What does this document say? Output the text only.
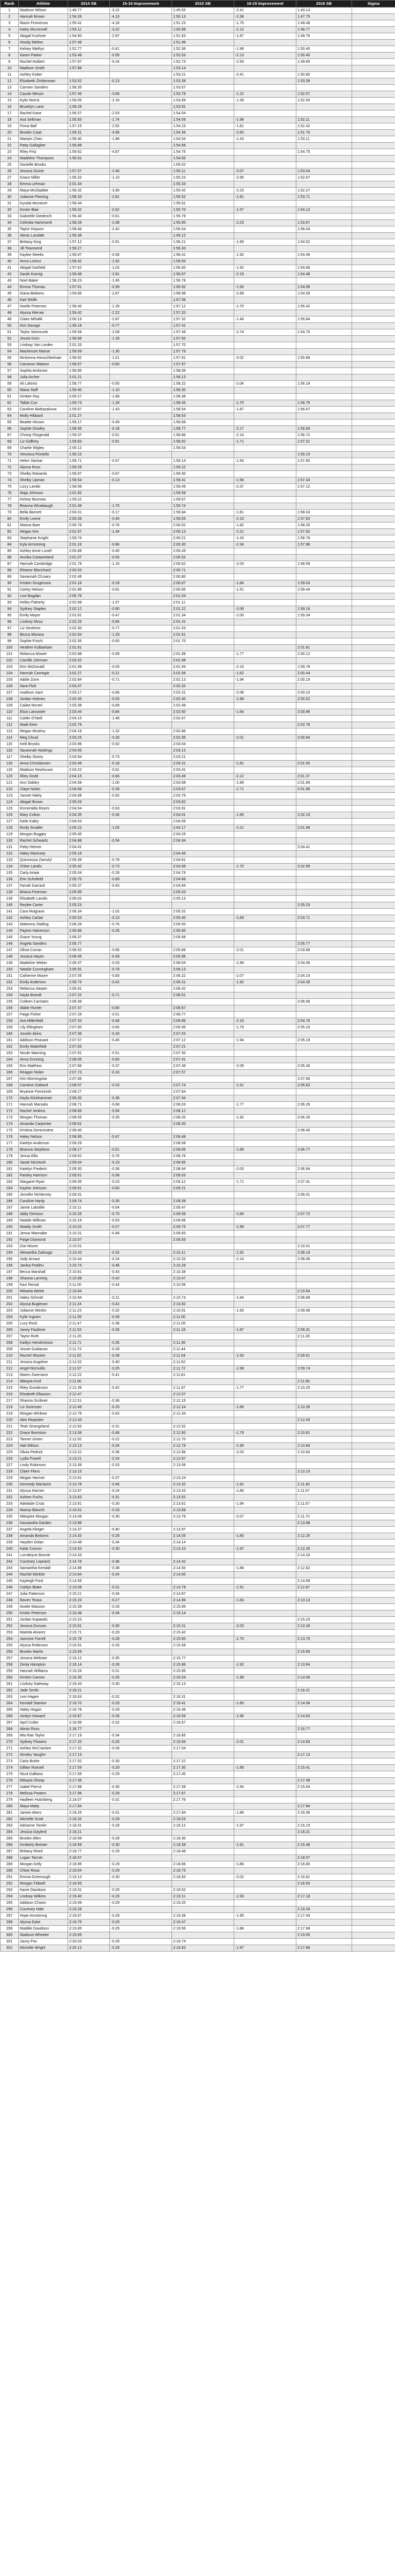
Rank	Athlete	2014 SB	15-16 Improvement	2015 SB	16-15 Improvement	2016 SB	Sigma
1	Madison Wilson	1:48.77	-3.22	1:45.55	-2.41	1:43.14	
2	Hannah Brown	1:54.26	-4.13	1:50.13	-2.38	1:47.75	
3	Mavis Fromerum	1:55.41	-4.18	1:51.23	-1.75	1:49.48	
4	Kaley Mcconnell	1:54.11	-3.22	1:50.89	-2.12	1:48.77	
5	Abigail Kushner	1:54.60	-2.97	1:51.63	-1.87	1:49.76	
6	Hoody Melton	1:57.48		1:51.98			
7	Kelsey Mathys	1:52.77	-0.41	1:52.36	-1.96	1:50.40	
8	Karen Parker	1:53.48	-0.95	1:52.53	-2.13	1:50.40	
9	Rachel Hulbert	1:57.97	-5.24	1:52.73	-2.93	1:49.80	
10	Madison Smith	1:57.86		1:53.14			
11	Ashley Kober			1:53.21	-2.41	1:50.80	
12	Elizabeth Zimberman	1:53.52	-0.13	1:53.39		1:53.39	
13	Carmen Sanders	1:58.35		1:53.67			
14	Cassie Meson	1:57.45	-3.66	1:53.79	-1.22	1:52.57	
15	Kylie Morris	1:56.05	-2.16	1:53.89	-1.39	1:52.50	
16	Brooklyn Lane	1:58.29		1:53.91			
17	Rachel Kane	1:56.57	-2.53	1:54.04			
18	Ava Seltman	1:55.83	-1.74	1:54.09	-1.98	1:52.11	
19	Fiona Ball	1:57.15	-2.92	1:54.23	-1.81	1:52.42	
20	Brooke Cope	1:59.31	-4.95	1:54.36	-2.60	1:51.76	
21	Mariam Chen	1:56.40	-1.86	1:54.54	-1.43	1:53.11	
22	Patty Gallagher	1:56.88		1:54.66			
23	Riley Fritz	1:59.62	-4.87	1:54.75		1:54.75	
24	Madeline Thompson	1:56.91		1:54.83			
25	Danielle Brooks			1:55.02			
26	Jessica Gorrie	1:57.57	-2.46	1:55.11	-2.07	1:53.04	
27	Grace Miller	1:56.33	-1.10	1:55.23	-2.56	1:52.67	
28	Emma Lehman	2:01.44		1:55.33			
29	Maya McGladder	1:59.32	-3.90	1:55.42	-3.15	1:52.27	
30	Julianne Fleming	1:58.33	-2.81	1:55.52	-1.81	1:53.71	
31	Kyndal Mcintosh	1:56.44		1:55.61			
32	Kirstin Blair	1:56.32	-0.62	1:55.70	-1.57	1:54.13	
33	Gabrielle Diederich	1:56.40	-0.61	1:55.79			
34	Celestia Hammond	1:58.28	-2.38	1:55.90	-2.23	1:53.67	
35	Taylor Hopson	1:58.46	-2.42	1:56.04		1:56.04	
36	Alexis Landale	1:59.38		1:56.12			
37	Brittany King	1:57.12	-0.91	1:56.21	-1.69	1:54.52	
38	Jill Townsend	1:59.27		1:56.33			
39	Kaylee Weeks	1:56.97	-0.56	1:56.41	-1.92	1:54.49	
40	Anna Lorenz	1:58.42	-1.92	1:56.50			
41	Abigail Garfield	1:57.62	-1.02	1:56.60	-1.92	1:54.68	
42	Sarah Koenig	1:59.48	-2.81	1:56.67	-2.19	1:54.48	
43	Noel Baker	1:58.23	-1.45	1:56.78			
44	Emma Thomas	1:57.91	-0.99	1:56.92	-1.93	1:54.99	
45	Kiana Bekkers	1:59.85	-2.87	1:56.98	-2.89	1:54.09	
46	Karl Wolfe			1:57.06			
47	Noelle Peterson	1:58.40	-1.28	1:57.12	-1.70	1:55.42	
48	Alyssa Werner	1:59.42	-2.22	1:57.20			
49	Claire Mihalik	2:00.19	-2.87	1:57.32	-1.48	1:55.84	
50	Kim Savage	1:58.18	-0.77	1:57.41			
51	Taylor Siemiczek	1:59.58	-2.09	1:57.49	-2.74	1:54.75	
52	Jessie Korn	1:58.88	-1.28	1:57.60			
53	Lindsay Van Lorden	2:01.33		1:57.70			
54	Mackenzie Manse	1:59.09	-1.30	1:57.79			
55	McKenna Heuschkelman	1:58.92	-1.01	1:57.91	-2.02	1:55.89	
56	Cameron Watson	1:58.57	-0.60	1:57.97			
57	Sophia Ambrose	1:58.95		1:58.06			
58	Julia Archer	2:01.21		1:58.13			
59	Ali Lafontz	1:58.77	-0.55	1:58.22	-2.04	1:56.18	
60	Maria Staff	1:59.40	-1.10	1:58.30			
61	Kimber Ray	2:00.27	-1.89	1:58.38			
62	Tallah Cox	1:59.73	-1.28	1:58.45	-1.70	1:56.75	
63	Caroline Abdrazakova	1:59.97	-1.43	1:58.54	-1.87	1:56.67	
64	Molly Hibbard	2:01.27		1:58.63			
65	Beattie Hinson	1:59.17	-0.49	1:58.68			
66	Sophie Dowley	1:58.95	-0.18	1:58.77	-2.17	1:56.60	
67	Christy Fitzgerald	1:59.37	-0.51	1:58.86	-2.14	1:56.72	
68	Liz Gaffney	1:59.83	-0.91	1:58.92	-1.71	1:57.21	
69	Charlie Wigley	2:00.12		1:59.03			
70	Veronica Pontello	1:59.15				1:59.15	
71	Helen Sankar	1:59.71	-0.57	1:59.14	-1.54	1:57.60	
72	Alyssa Ross	1:59.29		1:59.22			
73	Shelby Edwards	1:59.97	-0.67	1:59.30			
74	Shelby Lipman	1:59.54	-0.13	1:59.41	-1.98	1:57.43	
75	Lizzy Landis	1:58.99		1:59.49	-2.37	1:57.12	
76	Maja Johnson	2:01.82		1:59.58			
77	Kelsey Burrows	1:59.22		1:59.67			
78	Brianna Winebaugh	2:01.49	-1.75	1:59.74			
79	Bella Barnett	2:00.01	-0.17	1:59.84	-1.81	1:58.03	
80	Emily Leone	2:00.39	-0.46	1:59.93	-2.10	1:57.83	
81	Marina Baer	2:00.78	-0.76	2:00.02	-1.82	1:58.20	
82	Megan Kim	2:01.57	-1.44	2:00.13	-2.21	1:57.92	
83	Stephanie Knight	1:59.74		2:00.21	-1.43	1:58.78	
84	Kyla Armstrong	2:01.16	-0.86	2:00.30	-2.34	1:57.96	
85	Ashley Anne Lovell	2:00.88	-0.45	2:00.43			
86	Annika Castaneland	2:01.07	-0.55	2:00.52			
87	Hannah Cambridge	2:01.78	-1.16	2:00.62	-2.03	1:58.59	
88	Eleanor Blanchard	2:00.03		2:00.71			
89	Savannah O'Leary	2:02.46		2:00.80			
90	Kristen Grogenson	2:01.16	-0.29	2:00.87	-1.84	1:59.03	
91	Carley Nelson	2:01.86	-0.91	2:00.95	-1.51	1:59.44	
92	Lexi Bogdan	2:00.76		2:01.04			
93	Kelley Flaherty	2:02.68	-1.57	2:01.11			
94	Sydney Staples	2:02.12	-0.90	2:01.22	-2.06	1:59.16	
95	Emily Mayer	2:01.81	-0.47	2:01.34	-2.00	1:59.34	
96	Lindsey Moss	2:02.25	-0.84	2:01.41			
97	Liz Severino	2:02.30	-0.77	2:01.53			
98	Becca Moraza	2:02.94	-1.33	2:01.61			
99	Sophie Frisch	2:02.35	-0.65	2:01.70			
100	Heather Kulbarkani	2:01.81				2:01.81	
101	Rebecca Mower	2:02.88	-0.99	2:01.89	-1.77	2:00.12	
102	Camille Johnson	2:03.32		2:01.98			
103	Erin McDonald	2:01.99	-0.05	2:01.94	-2.16	1:59.78	
104	Hannah Carnegie	2:02.27	-0.21	2:02.06	-1.62	2:00.44	
105	Addie Zone	2:02.84	-0.71	2:02.13	-1.94	2:00.19	
106	Sara Flott	2:03.47		2:02.20			
107	madison siam	2:03.17	-0.86	2:02.31	-2.08	2:00.23	
108	Jordan Holmes	2:02.45	-0.05	2:02.40	-1.88	2:00.52	
109	Cailee Mcneil	2:03.38	-0.89	2:02.49			
110	Eliza Lancaster	2:03.44	-0.84	2:02.60	-1.64	2:00.96	
111	Caitlin O'Neill	2:04.15	-1.48	2:02.67			
112	Madi Klein	2:02.76				2:02.76	
113	Megan Mcalroy	2:04.18	-1.32	2:02.86			
114	Meg Cloud	2:03.25	-0.30	2:02.95	-2.01	2:00.94	
115	Kelli Brooks	2:03.96	-0.92	2:03.04			
116	Savannah Hastings	2:04.55		2:03.12			
117	Shelby Storey	2:03.94	-0.73	2:03.21			
118	Anna Christiansen	2:03.49	-0.18	2:03.31	-1.81	2:01.50	
119	Madison Newhouse	2:04.22	-0.81	2:03.41			
120	Riley Dodd	2:04.15	-0.66	2:03.49	-2.12	2:01.37	
121	Ann Oakley	2:04.58	-1.00	2:03.58	-1.89	2:01.69	
122	Claye Nolan	2:04.06	-0.39	2:03.67	-1.71	2:01.96	
123	Jannet Haley	2:04.68	-0.92	2:03.76			
124	Abigail Brown	2:05.03		2:03.82			
125	Esmeralda Reyes	2:04.54	-0.63	2:03.91			
126	Mary Colton	2:04.35	-0.34	2:04.01	-1.85	2:02.16	
127	Katie Kaley	2:04.53		2:04.09			
128	Emily Smallet	2:05.22	-1.05	2:04.17	-2.21	2:01.96	
129	Morgan Buggey	2:05.45		2:04.25			
130	Rachel Schwartz	2:04.88	-0.54	2:04.34			
131	Patty Heimer	2:04.41				2:04.41	
132	Haley Macksey	2:05.16		2:04.49			
133	Quinnessa Zamzlyl	2:05.39	-0.78	2:04.61			
134	Chloe Landis	2:05.42	-0.73	2:04.69	-1.70	2:02.99	
135	Carly Ariaia	2:05.04	-0.28	2:04.76			
136	Erin Schofield	2:05.75	-0.89	2:04.86			
137	Farrah Garrard	2:05.37	-0.43	2:04.94			
138	Briana Freeman	2:05.95		2:05.03			
139	Elizabeth Landis	2:06.02		2:05.13			
140	Reylee Carter	2:05.23				2:05.23	
141	Cara Mulgrave	2:06.34	-1.02	2:05.32			
142	Ashley Carlan	2:05.53	-0.13	2:05.40	-1.69	2:03.71	
143	Makenna Stalling	2:06.26	-0.76	2:05.50			
144	Payton Halverson	2:05.86	-0.26	2:05.60			
145	Grace Young	2:06.37		2:05.68			
146	Angela Sanders	2:05.77				2:05.77	
147	Olivia Curran	2:06.52	-0.66	2:05.86	-2.01	2:03.85	
148	Jessica Hayes	2:06.45	-0.49	2:05.96			
149	Madeline Weber	2:06.37	-0.33	2:06.04	-1.98	2:04.06	
150	Natalie Cunningham	2:06.91	-0.78	2:06.13			
151	Catherine Moore	2:07.05	-0.83	2:06.22	-2.07	2:04.15	
152	Emily Anderson	2:06.73	-0.42	2:06.31	-1.92	2:04.39	
153	Rebecca Harper	2:06.91		2:06.42			
154	Kayla Brandt	2:07.22	-0.71	2:06.51			
155	Colleen Carstairs	2:06.58				2:06.58	
156	Abbie Hunter	2:07.47	-0.80	2:06.67			
157	Paige Fisher	2:07.28	-0.51	2:06.77			
158	Ava Millerfield	2:07.34	-0.48	2:06.86	-2.10	2:04.76	
159	Lily Ellingham	2:07.60	-0.65	2:06.95	-1.79	2:05.16	
160	Jocelin Akins	2:07.36	-0.33	2:07.03			
161	Addison Peasant	2:07.57	-0.45	2:07.12	-1.94	2:05.18	
162	Emily Wakefield	2:07.93		2:07.21			
163	Nicole Manning	2:07.81	-0.51	2:07.30			
164	Anna Dunning	2:08.06	-0.65	2:07.41			
165	Erin Matthew	2:07.86	-0.37	2:07.49	-2.09	2:05.40	
166	Reagan Nolan	2:07.73	-0.16	2:07.57			
167	Kim Morningstar	2:07.66				2:07.66	
168	Caroline Dolbard	2:08.07	-0.33	2:07.74	-1.91	2:05.83	
169	Bryanne Femrinish	2:08.27		2:07.84			
170	Kayla Klinkhammer	2:08.30	-0.36	2:07.94			
171	Hannah Marsalis	2:08.71	-0.68	2:08.03	-1.77	2:06.26	
172	Rachel Jenkins	2:08.66	-0.54	2:08.12			
173	Morgan Thomas	2:08.55	-0.35	2:08.20	-1.92	2:06.28	
174	Amanda Carpenter	2:08.61		2:08.30			
175	Kristina Seneviratne	2:08.40				2:08.40	
176	Haley Nelson	2:08.95	-0.47	2:08.48			
177	Katelyn Anderson	2:09.29		2:08.58			
178	Brianna Stephens	2:09.17	-0.51	2:08.66	-1.89	2:06.77	
179	Jenna Ellis	2:09.52	-0.76	2:08.76			
180	Sarah Mcintosh	2:09.04	-0.19	2:08.85			
181	Katelyn Frederic	2:09.30	-0.36	2:08.94	-2.00	2:06.94	
182	Paisley Harrison	2:09.61	-0.58	2:09.03			
183	Margaret Ryan	2:09.35	-0.23	2:09.12	-1.71	2:07.41	
184	Kaylee Johnson	2:09.81	-0.60	2:09.21			
185	Jennifer McNerney	2:09.31				2:09.31	
186	Caroline Hardy	2:09.74	-0.35	2:09.39			
187	Jamie Lobstille	2:10.11	-0.64	2:09.47			
188	Abby Denison	2:10.26	-0.70	2:09.56	-1.84	2:07.72	
189	Natalie Willman	2:10.19	-0.53	2:09.66			
190	Maddy Smith	2:10.02	-0.27	2:09.75	-1.98	2:07.77	
191	Jenna Wannabe	2:10.31	-0.48	2:09.83			
192	Paige Diamond	2:10.07		2:09.93			
193	Zoe Moore	2:10.01				2:10.01	
194	Alexandra Zaitsuga	2:10.43	-0.32	2:10.11	-1.92	2:08.19	
195	Jody Arnaut	2:10.44	-0.24	2:10.20	-2.14	2:08.06	
196	Janika Prabhu	2:10.74	-0.46	2:10.28			
197	Becca Marshall	2:10.81	-0.43	2:10.38			
198	Shauna Lanning	2:10.89	-0.42	2:10.47			
199	Kaci Rectal	2:11.00	-0.44	2:10.56			
200	Mikaela Welsh	2:10.64				2:10.64	
201	Haley Schmitt	2:10.94	-0.21	2:10.73	-1.84	2:08.89	
202	Alyssa Bugleson	2:11.24	-0.42	2:10.82			
203	Julianne Wexler	2:11.23	-0.32	2:10.91	-1.83	2:09.08	
204	Kylie Ingram	2:11.39	-0.39	2:11.00			
205	Lucy Rock	2:11.47	-0.38	2:11.09			
206	Janey Faulkner	2:11.53	-0.35	2:11.18	-1.87	2:09.31	
207	Taylor Roth	2:11.26				2:11.26	
208	Kaitlyn Hendrickson	2:11.71	-0.35	2:11.36			
209	Jessie Guidaceo	2:11.73	-0.29	2:11.44			
210	Rachel Wooton	2:11.92	-0.38	2:11.54	-1.93	2:09.61	
211	Jessica Angeline	2:12.02	-0.40	2:11.62			
212	Angel Mcmullin	2:11.97	-0.25	2:11.72	-1.98	2:09.74	
213	Maren Zwemann	2:12.22	-0.41	2:11.81			
214	Mikayla Kroll	2:11.90				2:11.90	
215	Riley Gunderson	2:12.39	-0.42	2:11.97	-1.77	2:10.20	
216	Elizabeth Eliasson	2:12.47		2:12.07			
217	Shanna Scribner	2:12.51	-0.36	2:12.15			
218	Liz Sorensen	2:12.49	-0.25	2:12.24	-1.89	2:10.35	
219	Morgan Winbow	2:12.76	-0.42	2:12.34			
220	Alex Riopedre	2:12.43				2:12.43	
221	Teah Strangeland	2:12.83	-0.31	2:12.52			
222	Grace Borriston	2:13.08	-0.48	2:12.60	-1.79	2:10.81	
223	Tanner Green	2:12.92	-0.22	2:12.70			
224	Hali Wilson	2:13.13	-0.34	2:12.79	-1.95	2:10.84	
225	Olivia Pedrick	2:13.22	-0.36	2:12.86	-2.03	2:10.83	
226	Lydia Powell	2:13.21	-0.24	2:12.97			
227	Lindy Robinson	2:13.39	-0.33	2:13.06			
228	Claire Fliers	2:13.15				2:13.15	
229	Megan Harmer	2:13.61	-0.37	2:13.24			
230	Kennedy Maclaren	2:13.78	-0.46	2:13.32	-1.92	2:11.40	
231	Alyssa Harnen	2:13.67	-0.24	2:13.43	-1.86	2:11.57	
232	Ashton Fuchs	2:13.83	-0.31	2:13.52			
233	Adelaide Crutz	2:13.91	-0.30	2:13.61	-1.94	2:11.67	
234	Marisa Bianchi	2:14.01	-0.33	2:13.68			
235	Mikaylee Morgan	2:14.09	-0.30	2:13.79	-2.07	2:11.72	
236	Kassandra Garden	2:13.88				2:13.88	
237	Angela Klinger	2:14.37	-0.40	2:13.97			
238	Amanda Bottoms	2:14.33	-0.28	2:14.05	-1.80	2:12.25	
239	Hayden Dolan	2:14.48	-0.34	2:14.14			
240	Katie Connor	2:14.53	-0.30	2:14.23	-1.97	2:12.26	
241	Lorraleyne Bonnie	2:14.33				2:14.33	
242	Courtney Lepeard	2:14.78	-0.36	2:14.42			
243	Samantha Kendall	2:14.88	-0.38	2:14.50	-1.88	2:12.62	
244	Rachel Winkler	2:14.84	-0.24	2:14.60			
245	Kayleigh Ford	2:14.69				2:14.69	
246	Caitlyn Blake	2:15.09	-0.31	2:14.78	-1.91	2:12.87	
247	Julia Patterson	2:15.21	-0.34	2:14.87			
248	Raven Teasa	2:15.23	-0.27	2:14.96	-1.83	2:13.13	
249	Aniele Wasson	2:15.39	-0.33	2:15.06			
250	Kristin Peterson	2:15.48	-0.34	2:15.14			
251	Jordan Kopawitz	2:15.23				2:15.23	
252	Jessica Duncan	2:15.61	-0.30	2:15.31	-2.03	2:13.28	
253	Mariela Alvarez	2:15.71	-0.29	2:15.42			
254	Jasmine Farrell	2:15.78	-0.28	2:15.50	-1.75	2:13.75	
255	Alyssa Robinson	2:15.91	-0.33	2:15.58			
256	Brooke Martin	2:15.69				2:15.69	
257	Jessica Webster	2:16.12	-0.35	2:15.77			
258	Zenia Hampton	2:16.14	-0.28	2:15.86	-1.92	2:13.94	
259	Hannah Williams	2:16.26	-0.31	2:15.95			
260	Kirsten Cameo	2:16.30	-0.26	2:16.04	-1.98	2:14.06	
261	Lindsey Gateway	2:16.43	-0.30	2:16.13			
262	Jade Smith	2:16.21				2:16.21	
263	Lexi Hagen	2:16.63	-0.32	2:16.31			
264	Kendall Stanton	2:16.70	-0.29	2:16.41	-1.85	2:14.56	
265	Haley Hogan	2:16.78	-0.29	2:16.49			
266	Jordyn Howard	2:16.87	-0.28	2:16.59	-1.96	2:14.63	
267	April Crider	2:16.99	-0.32	2:16.67			
268	Alexis Ross	2:16.77				2:16.77	
269	Mia Rae Taylor	2:17.19	-0.34	2:16.85			
270	Sydney Flowers	2:17.20	-0.26	2:16.94	-2.01	2:14.93	
271	Ashley McCracken	2:17.32	-0.28	2:17.04			
272	Ainsley Vaughn	2:17.13				2:17.13	
273	Carly Burke	2:17.52	-0.30	2:17.22			
274	Gillian Ruesell	2:17.59	-0.29	2:17.30	-1.89	2:15.41	
275	Nicol Galliano	2:17.69	-0.29	2:17.40			
276	Mikayla Shoop	2:17.49				2:17.49	
277	Isabel Pierce	2:17.88	-0.30	2:17.58	-1.94	2:15.64	
278	Melissa Powers	2:17.96	-0.29	2:17.67			
279	Hadleen Hutchberg	2:18.07	-0.31	2:17.76			
280	Maya Matty	2:17.84				2:17.84	
281	Jamee Akers	2:18.25	-0.31	2:17.94	-1.88	2:16.06	
282	Michelle Scott	2:18.32	-0.29	2:18.03			
283	Adrianne Tomlin	2:18.41	-0.29	2:18.12	-1.97	2:16.15	
284	Jessica Gaylerd	2:18.21				2:18.21	
285	Brooke Allen	2:18.58	-0.28	2:18.30			
286	Kimberly Brewer	2:18.69	-0.30	2:18.39	-1.91	2:16.48	
287	Brittany Reed	2:18.77	-0.29	2:18.48			
288	Logan Tanner	2:18.57				2:18.57	
289	Morgan Kelly	2:18.95	-0.29	2:18.66	-1.86	2:16.80	
290	Chloe Rosa	2:19.04	-0.29	2:18.75			
291	Emma Greenough	2:19.13	-0.30	2:18.83	-2.02	2:16.81	
292	Morgan Tidwell	2:18.93				2:18.93	
293	Kacie Davidson	2:19.31	-0.29	2:19.02			
294	Lindsay Wilkins	2:19.40	-0.29	2:19.11	-1.93	2:17.18	
295	Addison Chisen	2:19.49	-0.29	2:19.20			
296	Courtney Hale	2:19.29				2:19.29	
297	Hope Armstrong	2:19.67	-0.29	2:19.38	-1.95	2:17.43	
298	Alyssa Dyke	2:19.76	-0.29	2:19.47			
299	Maddie Davidson	2:19.85	-0.29	2:19.56	-1.88	2:17.68	
300	Madison Wheeler	2:19.65				2:19.65	
301	Jacey Fox	2:20.03	-0.29	2:19.74			
302	Michelle Wright	2:20.12	-0.29	2:19.83	-1.97	2:17.86	
